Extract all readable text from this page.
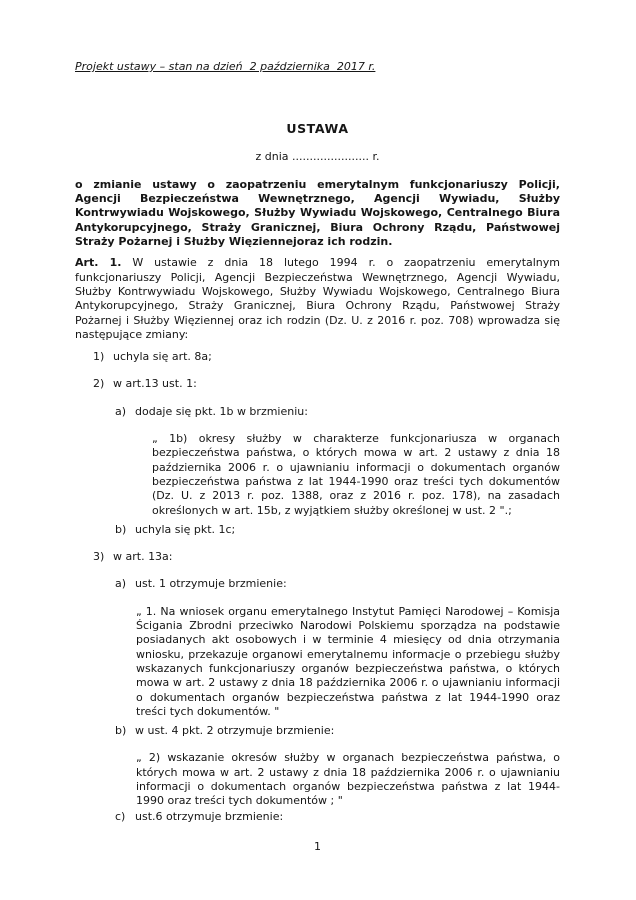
Projekt ustawy – stan na dzień  2 października  2017 r.
USTAWA
z dnia ...................... r.
o zmianie ustawy o zaopatrzeniu emerytalnym funkcjonariuszy Policji, Agencji Bezpieczeństwa Wewnętrznego, Agencji Wywiadu, Służby Kontrwywiadu Wojskowego, Służby Wywiadu Wojskowego, Centralnego Biura Antykorupcyjnego, Straży Granicznej, Biura Ochrony Rządu, Państwowej Straży Pożarnej i Służby Więziennejoraz ich rodzin.

Art. 1. W ustawie z dnia 18 lutego 1994 r. o zaopatrzeniu emerytalnym funkcjonariuszy Policji, Agencji Bezpieczeństwa Wewnętrznego, Agencji Wywiadu, Służby Kontrwywiadu Wojskowego, Służby Wywiadu Wojskowego, Centralnego Biura Antykorupcyjnego, Straży Granicznej, Biura Ochrony Rządu, Państwowej Straży Pożarnej i Służby Więziennej oraz ich rodzin (Dz. U. z 2016 r. poz. 708) wprowadza się następujące zmiany:

1) uchyla się art. 8a;
2) w art.13 ust. 1:
a) dodaje się pkt. 1b w brzmieniu:
„ 1b) okresy służby w charakterze funkcjonariusza w organach bezpieczeństwa państwa, o których mowa w art. 2 ustawy z dnia 18 października 2006 r. o ujawnianiu informacji o dokumentach organów bezpieczeństwa państwa z lat 1944-1990 oraz treści tych dokumentów (Dz. U. z 2013 r. poz. 1388, oraz z 2016 r. poz. 178), na zasadach określonych w art. 15b, z wyjątkiem służby określonej w ust. 2 ".;
b) uchyla się pkt. 1c;
3) w art. 13a:
a) ust. 1 otrzymuje brzmienie:
„ 1. Na wniosek organu emerytalnego Instytut Pamięci Narodowej – Komisja Ścigania Zbrodni przeciwko Narodowi Polskiemu sporządza na podstawie posiadanych akt osobowych i w terminie 4 miesięcy od dnia otrzymania wniosku, przekazuje organowi emerytalnemu informacje o przebiegu służby wskazanych funkcjonariuszy organów bezpieczeństwa państwa, o których mowa w art. 2 ustawy z dnia 18 października 2006 r. o ujawnianiu informacji o dokumentach organów bezpieczeństwa państwa z lat 1944-1990 oraz treści tych dokumentów. "
b) w ust. 4 pkt. 2 otrzymuje brzmienie:
„ 2) wskazanie okresów służby w organach bezpieczeństwa państwa, o których mowa w art. 2 ustawy z dnia 18 października 2006 r. o ujawnianiu informacji o dokumentach organów bezpieczeństwa państwa z lat 1944-1990 oraz treści tych dokumentów ; "
c) ust.6 otrzymuje brzmienie:
1
